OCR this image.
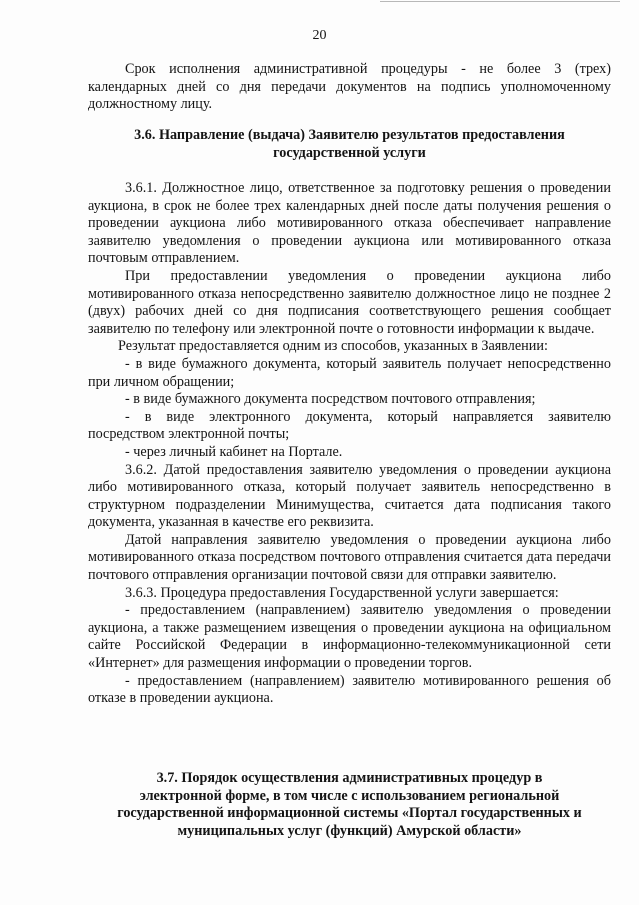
20

Срок исполнения административной процедуры - не более 3 (трех) календарных дней со дня передачи документов на подпись уполномоченному должностному лицу.

3.6. Направление (выдача) Заявителю результатов предоставления
государственной услуги

3.6.1. Должностное лицо, ответственное за подготовку решения о проведении аукциона, в срок не более трех календарных дней после даты получения решения о проведении аукциона либо мотивированного отказа обеспечивает направление заявителю уведомления о проведении аукциона или мотивированного отказа почтовым отправлением.

При предоставлении уведомления о проведении аукциона либо мотивированного отказа непосредственно заявителю должностное лицо не позднее 2 (двух) рабочих дней со дня подписания соответствующего решения сообщает заявителю по телефону или электронной почте о готовности информации к выдаче.

Результат предоставляется одним из способов, указанных в Заявлении:

- в виде бумажного документа, который заявитель получает непосредственно при личном обращении;

- в виде бумажного документа посредством почтового отправления;

- в виде электронного документа, который направляется заявителю посредством электронной почты;

- через личный кабинет на Портале.

3.6.2. Датой предоставления заявителю уведомления о проведении аукциона либо мотивированного отказа, который получает заявитель непосредственно в структурном подразделении Минимущества, считается дата подписания такого документа, указанная в качестве его реквизита.

Датой направления заявителю уведомления о проведении аукциона либо мотивированного отказа посредством почтового отправления считается дата передачи почтового отправления организации почтовой связи для отправки заявителю.

3.6.3. Процедура предоставления Государственной услуги завершается:

- предоставлением (направлением) заявителю уведомления о проведении аукциона, а также размещением извещения о проведении аукциона на официальном сайте Российской Федерации в информационно-телекоммуникационной сети «Интернет» для размещения информации о проведении торгов.

- предоставлением (направлением) заявителю мотивированного решения об отказе в проведении аукциона.

3.7. Порядок осуществления административных процедур в
электронной форме, в том числе с использованием региональной
государственной информационной системы «Портал государственных и
муниципальных услуг (функций) Амурской области»
